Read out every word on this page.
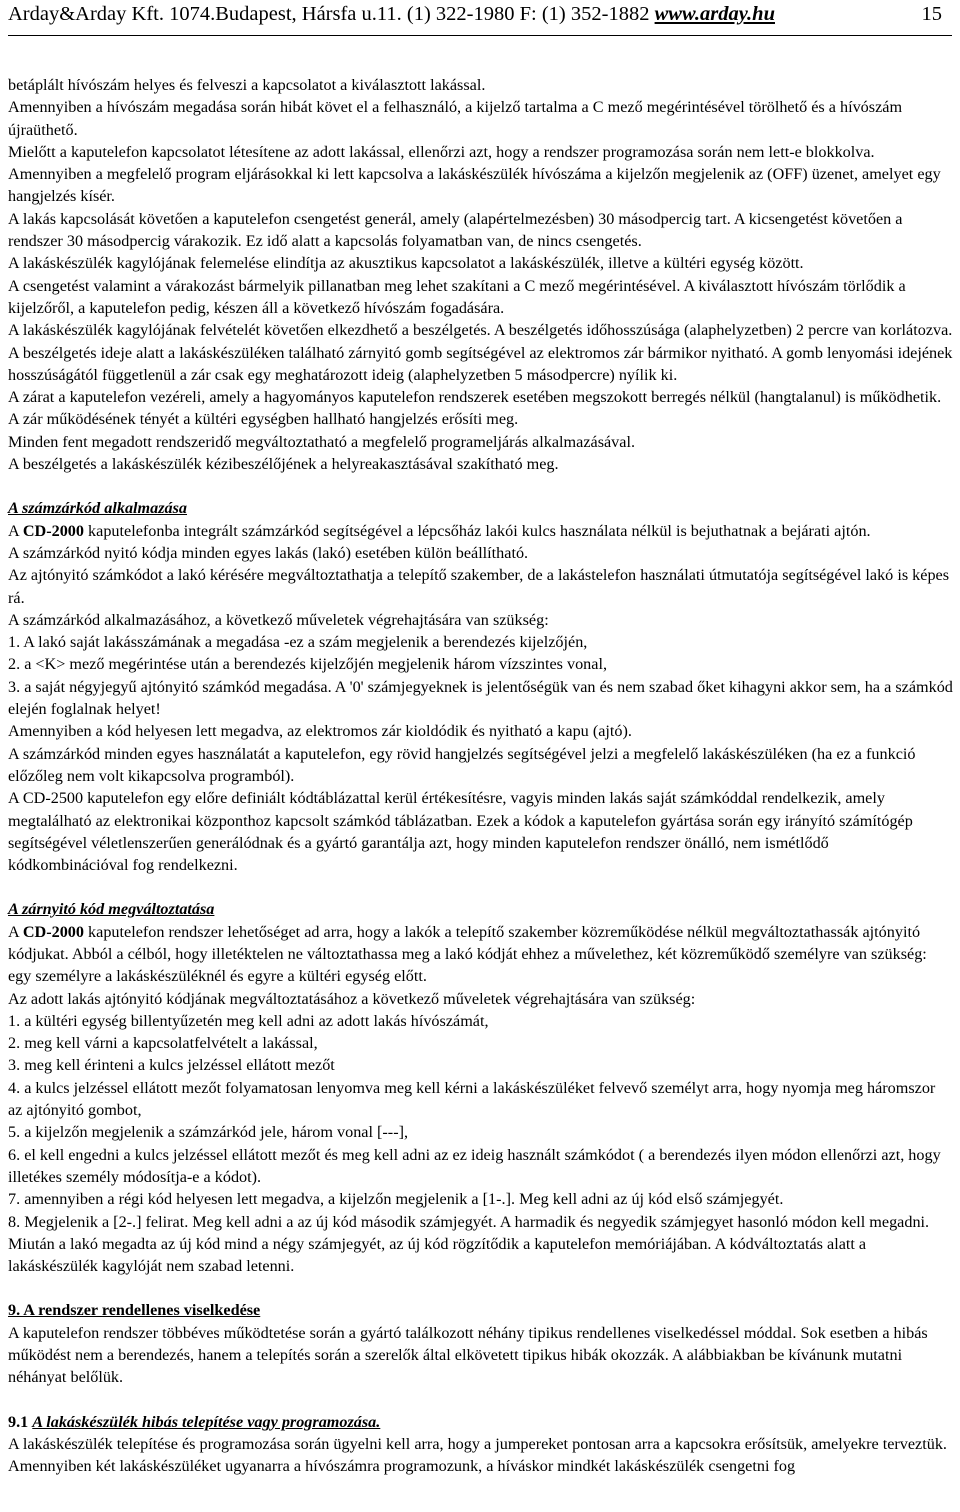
Arday&Arday Kft. 1074.Budapest, Hársfa u.11. (1) 322-1980 F: (1) 352-1882 www.arday.hu	15

betáplált hívószám helyes és felveszi a kapcsolatot a kiválasztott lakással.

Amennyiben a hívószám megadása során hibát követ el a felhasználó, a kijelző tartalma a C mező megérintésével törölhető és a hívószám újraüthető.

Mielőtt a kaputelefon kapcsolatot létesítene az adott lakással, ellenőrzi azt, hogy a rendszer programozása során nem lett-e blokkolva. Amennyiben a megfelelő program eljárásokkal ki lett kapcsolva a lakáskészülék hívószáma a kijelzőn megjelenik az (OFF) üzenet, amelyet egy hangjelzés kísér.

A lakás kapcsolását követően a kaputelefon csengetést generál, amely (alapértelmezésben) 30 másodpercig tart. A kicsengetést követően a rendszer 30 másodpercig várakozik. Ez idő alatt a kapcsolás folyamatban van, de nincs csengetés.

A lakáskészülék kagylójának felemelése elindítja az akusztikus kapcsolatot a lakáskészülék, illetve a kültéri egység között.

A csengetést valamint a várakozást bármelyik pillanatban meg lehet szakítani a C mező megérintésével. A kiválasztott hívószám törlődik a kijelzőről, a kaputelefon pedig, készen áll a következő hívószám fogadására.

A lakáskészülék kagylójának felvételét követően elkezdhető a beszélgetés. A beszélgetés időhosszúsága (alaphelyzetben) 2 percre van korlátozva. A beszélgetés ideje alatt a lakáskészüléken található zárnyitó gomb segítségével az elektromos zár bármikor nyitható. A gomb lenyomási idejének hosszúságától függetlenül a zár csak egy meghatározott ideig (alaphelyzetben 5 másodpercre) nyílik ki.

A zárat a kaputelefon vezéreli, amely a hagyományos kaputelefon rendszerek esetében megszokott berregés nélkül (hangtalanul) is működhetik. A zár működésének tényét a kültéri egységben hallható hangjelzés erősíti meg.

Minden fent megadott rendszeridő megváltoztatható a megfelelő programeljárás alkalmazásával.

A beszélgetés a lakáskészülék kézibeszélőjének a helyreakasztásával szakítható meg.

A számzárkód alkalmazása

A CD-2000 kaputelefonba integrált számzárkód segítségével a lépcsőház lakói kulcs használata nélkül is bejuthatnak a bejárati ajtón.

A számzárkód nyitó kódja minden egyes lakás (lakó) esetében külön beállítható.

Az ajtónyitó számkódot a lakó kérésére megváltoztathatja a telepítő szakember, de a lakástelefon használati útmutatója segítségével lakó is képes rá.

A számzárkód alkalmazásához, a következő műveletek végrehajtására van szükség:

1. A lakó saját lakásszámának a megadása -ez a szám megjelenik a berendezés kijelzőjén,

2. a <K> mező megérintése után a berendezés kijelzőjén megjelenik három vízszintes vonal,

3. a saját négyjegyű ajtónyitó számkód megadása. A '0' számjegyeknek is jelentőségük van és nem szabad őket kihagyni akkor sem, ha a számkód elején foglalnak helyet!

Amennyiben a kód helyesen lett megadva, az elektromos zár kioldódik és nyitható a kapu (ajtó).

A számzárkód minden egyes használatát a kaputelefon, egy rövid hangjelzés segítségével jelzi a megfelelő lakáskészüléken (ha ez a funkció előzőleg nem volt kikapcsolva programból).

A CD-2500 kaputelefon egy előre definiált kódtáblázattal kerül értékesítésre, vagyis minden lakás saját számkóddal rendelkezik, amely megtalálható az elektronikai központhoz kapcsolt számkód táblázatban. Ezek a kódok a kaputelefon gyártása során egy irányító számítógép segítségével véletlenszerűen generálódnak és a gyártó garantálja azt, hogy minden kaputelefon rendszer önálló, nem ismétlődő kódkombinációval fog rendelkezni.

A zárnyitó kód megváltoztatása

A CD-2000 kaputelefon rendszer lehetőséget ad arra, hogy a lakók a telepítő szakember közreműködése nélkül megváltoztathassák ajtónyitó kódjukat. Abból a célból, hogy illetéktelen ne változtathassa meg a lakó kódját ehhez a művelethez, két közreműködő személyre van szükség: egy személyre a lakáskészüléknél és egyre a kültéri egység előtt.

Az adott lakás ajtónyitó kódjának megváltoztatásához a következő műveletek végrehajtására van szükség:

1. a kültéri egység billentyűzetén meg kell adni az adott lakás hívószámát,

2. meg kell várni a kapcsolatfelvételt a lakással,

3. meg kell érinteni a kulcs jelzéssel ellátott mezőt

4. a kulcs jelzéssel ellátott mezőt folyamatosan lenyomva meg kell kérni a lakáskészüléket felvevő személyt arra, hogy nyomja meg háromszor az ajtónyitó gombot,

5. a kijelzőn megjelenik a számzárkód jele, három vonal [---],

6. el kell engedni a kulcs jelzéssel ellátott mezőt és meg kell adni az ez ideig használt számkódot ( a berendezés ilyen módon ellenőrzi azt, hogy illetékes személy módosítja-e a kódot).

7. amennyiben a régi kód helyesen lett megadva, a kijelzőn megjelenik a [1-.]. Meg kell adni az új kód első számjegyét.

8. Megjelenik a [2-.] felirat. Meg kell adni a az új kód második számjegyét. A harmadik és negyedik számjegyet hasonló módon kell megadni. Miután a lakó megadta az új kód mind a négy számjegyét, az új kód rögzítődik a kaputelefon memóriájában. A kódváltoztatás alatt a lakáskészülék kagylóját nem szabad letenni.

9. A rendszer rendellenes viselkedése

A kaputelefon rendszer többéves működtetése során a gyártó találkozott néhány tipikus rendellenes viselkedéssel móddal. Sok esetben a hibás működést nem a berendezés, hanem a telepítés során a szerelők által elkövetett tipikus hibák okozzák. A alábbiakban be kívánunk mutatni néhányat belőlük.

9.1 A lakáskészülék hibás telepítése vagy programozása.

A lakáskészülék telepítése és programozása során ügyelni kell arra, hogy a jumpereket pontosan arra a kapcsokra erősítsük, amelyekre terveztük.

Amennyiben két lakáskészüléket ugyanarra a hívószámra programozunk, a híváskor mindkét lakáskészülék csengetni fog
